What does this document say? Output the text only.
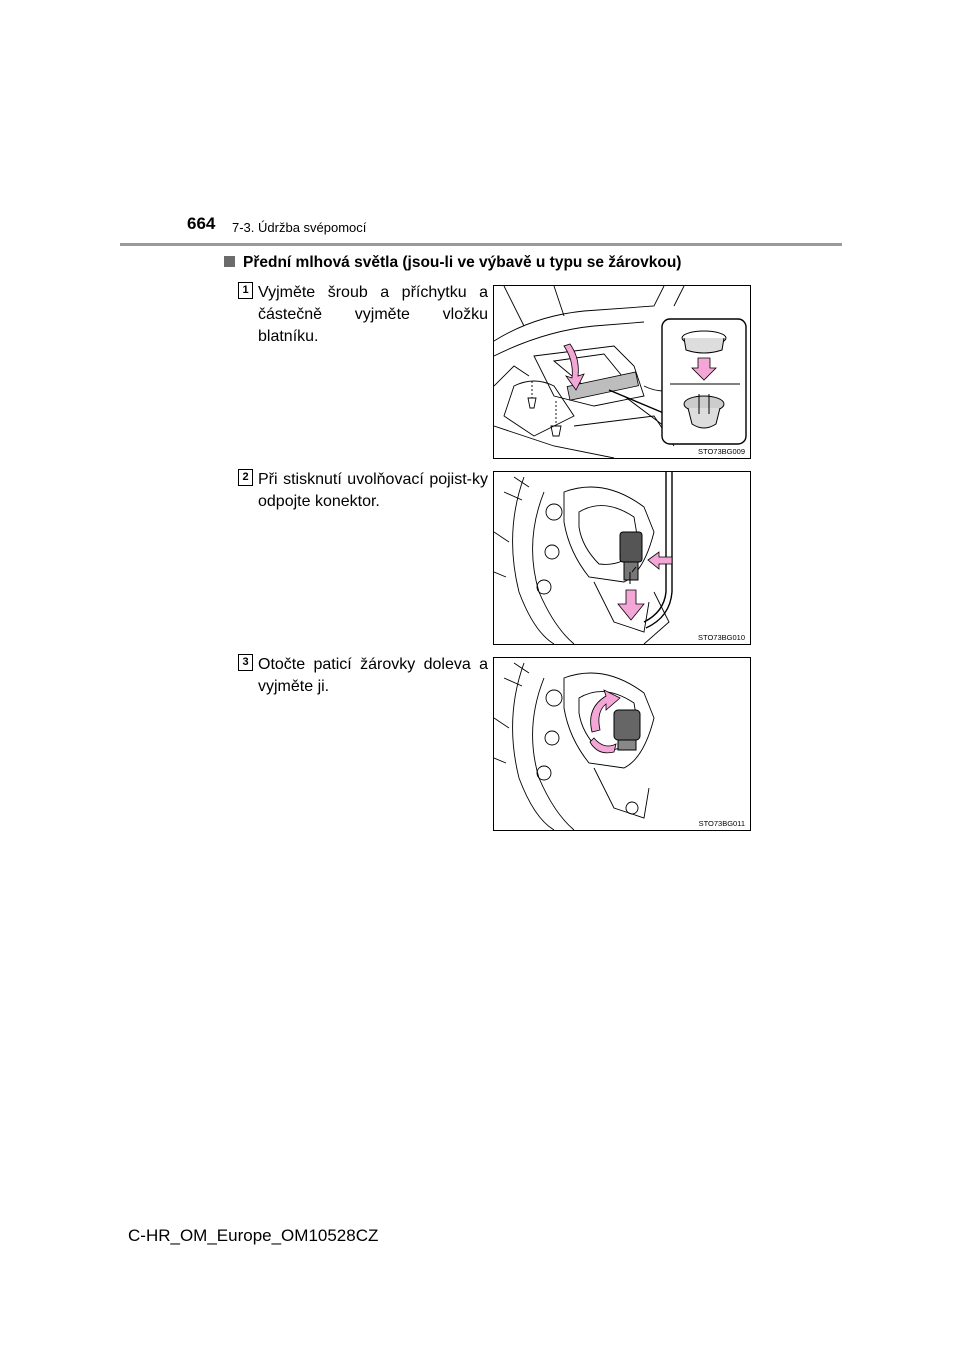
664 7-3. Údržba svépomocí
Přední mlhová světla (jsou-li ve výbavě u typu se žárovkou)
1 Vyjměte šroub a příchytku a částečně vyjměte vložku blatníku.
STO73BG009
2 Při stisknutí uvolňovací pojist-ky odpojte konektor.
STO73BG010
3 Otočte paticí žárovky doleva a vyjměte ji.
STO73BG011
C-HR_OM_Europe_OM10528CZ
